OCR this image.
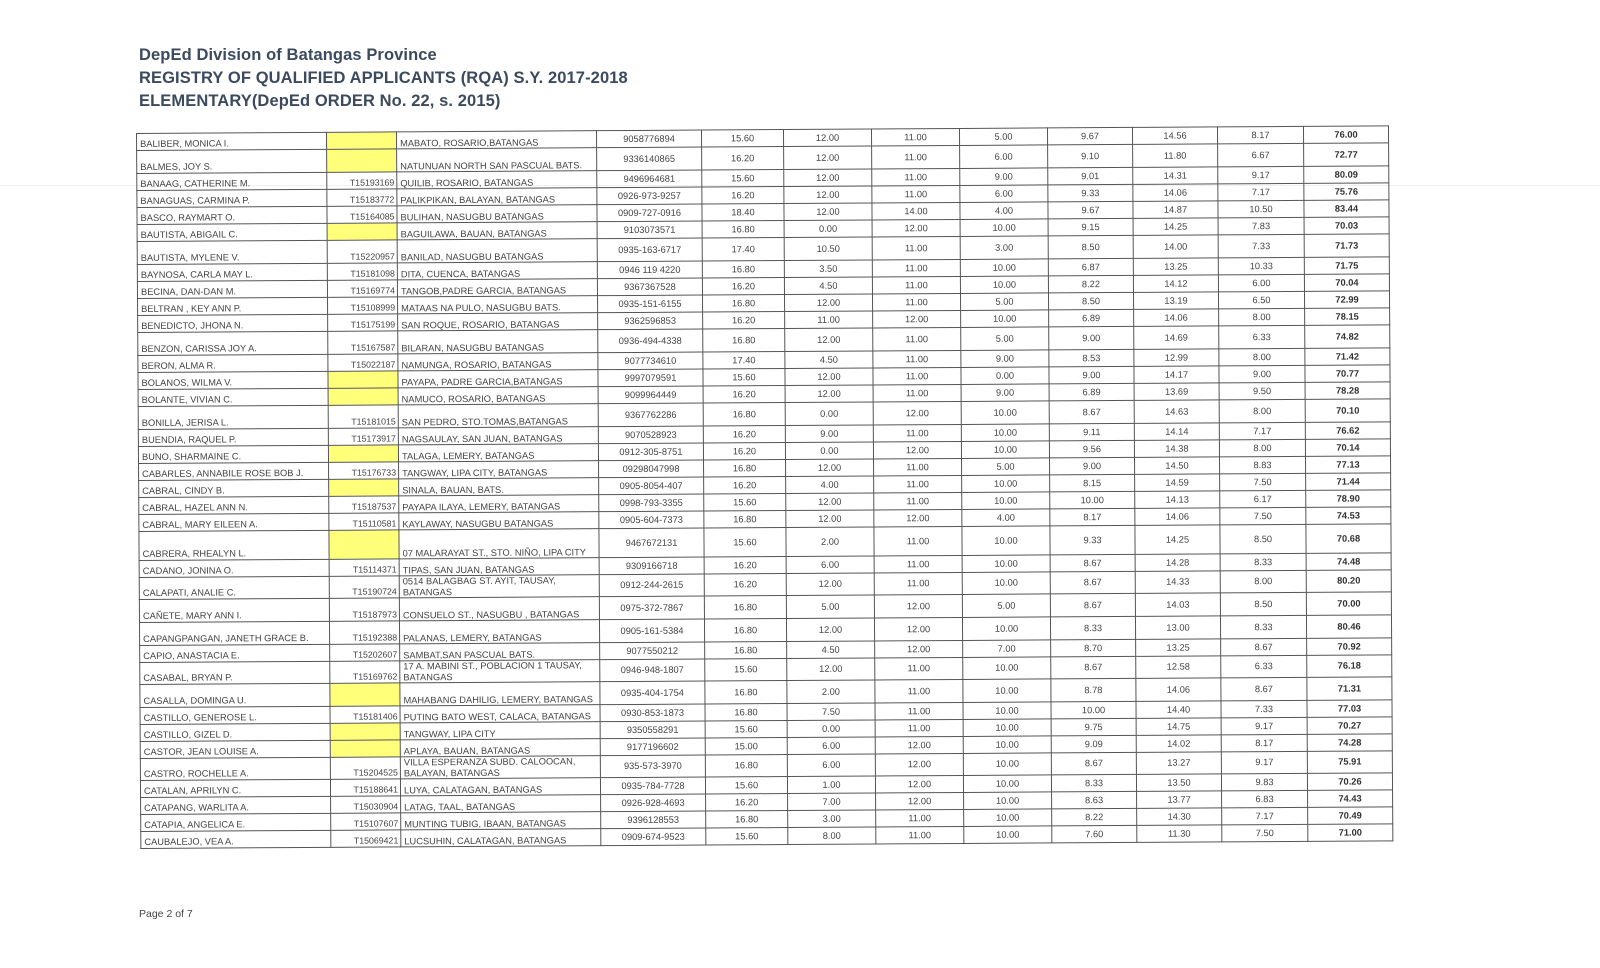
DepEd Division of Batangas Province
REGISTRY OF QUALIFIED APPLICANTS (RQA) S.Y. 2017-2018
ELEMENTARY(DepEd ORDER No. 22, s. 2015)
BALIBER, MONICA I.		MABATO, ROSARIO,BATANGAS	9058776894	15.60	12.00	11.00	5.00	9.67	14.56	8.17	76.00
BALMES, JOY S.		NATUNUAN NORTH SAN PASCUAL BATS.	9336140865	16.20	12.00	11.00	6.00	9.10	11.80	6.67	72.77
BANAAG, CATHERINE M.	T15193169	QUILIB, ROSARIO, BATANGAS	9496964681	15.60	12.00	11.00	9.00	9.01	14.31	9.17	80.09
BANAGUAS, CARMINA P.	T15183772	PALIKPIKAN, BALAYAN, BATANGAS	0926-973-9257	16.20	12.00	11.00	6.00	9.33	14.06	7.17	75.76
BASCO, RAYMART O.	T15164085	BULIHAN, NASUGBU BATANGAS	0909-727-0916	18.40	12.00	14.00	4.00	9.67	14.87	10.50	83.44
BAUTISTA, ABIGAIL C.		BAGUILAWA, BAUAN, BATANGAS	9103073571	16.80	0.00	12.00	10.00	9.15	14.25	7.83	70.03
BAUTISTA, MYLENE V.	T15220957	BANILAD, NASUGBU BATANGAS	0935-163-6717	17.40	10.50	11.00	3.00	8.50	14.00	7.33	71.73
BAYNOSA, CARLA MAY L.	T15181098	DITA, CUENCA, BATANGAS	0946 119 4220	16.80	3.50	11.00	10.00	6.87	13.25	10.33	71.75
BECINA, DAN-DAN M.	T15169774	TANGOB,PADRE GARCIA, BATANGAS	9367367528	16.20	4.50	11.00	10.00	8.22	14.12	6.00	70.04
BELTRAN , KEY ANN P.	T15108999	MATAAS NA PULO, NASUGBU BATS.	0935-151-6155	16.80	12.00	11.00	5.00	8.50	13.19	6.50	72.99
BENEDICTO, JHONA N.	T15175199	SAN ROQUE, ROSARIO, BATANGAS	9362596853	16.20	11.00	12.00	10.00	6.89	14.06	8.00	78.15
BENZON, CARISSA JOY A.	T15167587	BILARAN, NASUGBU BATANGAS	0936-494-4338	16.80	12.00	11.00	5.00	9.00	14.69	6.33	74.82
BERON, ALMA R.	T15022187	NAMUNGA, ROSARIO, BATANGAS	9077734610	17.40	4.50	11.00	9.00	8.53	12.99	8.00	71.42
BOLANOS, WILMA V.		PAYAPA, PADRE GARCIA,BATANGAS	9997079591	15.60	12.00	11.00	0.00	9.00	14.17	9.00	70.77
BOLANTE, VIVIAN C.		NAMUCO, ROSARIO, BATANGAS	9099964449	16.20	12.00	11.00	9.00	6.89	13.69	9.50	78.28
BONILLA, JERISA L.	T15181015	SAN PEDRO, STO.TOMAS,BATANGAS	9367762286	16.80	0.00	12.00	10.00	8.67	14.63	8.00	70.10
BUENDIA, RAQUEL P.	T15173917	NAGSAULAY, SAN JUAN, BATANGAS	9070528923	16.20	9.00	11.00	10.00	9.11	14.14	7.17	76.62
BUNO, SHARMAINE C.		TALAGA, LEMERY, BATANGAS	0912-305-8751	16.20	0.00	12.00	10.00	9.56	14.38	8.00	70.14
CABARLES, ANNABILE ROSE BOB J.	T15176733	TANGWAY, LIPA CITY, BATANGAS	09298047998	16.80	12.00	11.00	5.00	9.00	14.50	8.83	77.13
CABRAL, CINDY B.		SINALA, BAUAN, BATS.	0905-8054-407	16.20	4.00	11.00	10.00	8.15	14.59	7.50	71.44
CABRAL, HAZEL ANN N.	T15187537	PAYAPA ILAYA, LEMERY, BATANGAS	0998-793-3355	15.60	12.00	11.00	10.00	10.00	14.13	6.17	78.90
CABRAL, MARY EILEEN A.	T15110581	KAYLAWAY, NASUGBU BATANGAS	0905-604-7373	16.80	12.00	12.00	4.00	8.17	14.06	7.50	74.53
CABRERA, RHEALYN L.		07 MALARAYAT ST., STO. NIÑO, LIPA CITY	9467672131	15.60	2.00	11.00	10.00	9.33	14.25	8.50	70.68
CADANO, JONINA O.	T15114371	TIPAS, SAN JUAN, BATANGAS	9309166718	16.20	6.00	11.00	10.00	8.67	14.28	8.33	74.48
CALAPATI, ANALIE C.	T15190724	0514 BALAGBAG ST. AYIT, TAUSAY, BATANGAS	0912-244-2615	16.20	12.00	11.00	10.00	8.67	14.33	8.00	80.20
CAÑETE, MARY ANN I.	T15187973	CONSUELO ST., NASUGBU , BATANGAS	0975-372-7867	16.80	5.00	12.00	5.00	8.67	14.03	8.50	70.00
CAPANGPANGAN, JANETH GRACE B.	T15192388	PALANAS, LEMERY, BATANGAS	0905-161-5384	16.80	12.00	12.00	10.00	8.33	13.00	8.33	80.46
CAPIO, ANASTACIA E.	T15202607	SAMBAT,SAN PASCUAL BATS.	9077550212	16.80	4.50	12.00	7.00	8.70	13.25	8.67	70.92
CASABAL, BRYAN P.	T15169762	17 A. MABINI ST., POBLACION 1 TAUSAY, BATANGAS	0946-948-1807	15.60	12.00	11.00	10.00	8.67	12.58	6.33	76.18
CASALLA, DOMINGA U.		MAHABANG DAHILIG, LEMERY, BATANGAS	0935-404-1754	16.80	2.00	11.00	10.00	8.78	14.06	8.67	71.31
CASTILLO, GENEROSE L.	T15181406	PUTING BATO WEST, CALACA, BATANGAS	0930-853-1873	16.80	7.50	11.00	10.00	10.00	14.40	7.33	77.03
CASTILLO, GIZEL D.		TANGWAY, LIPA CITY	9350558291	15.60	0.00	11.00	10.00	9.75	14.75	9.17	70.27
CASTOR, JEAN LOUISE A.		APLAYA, BAUAN, BATANGAS	9177196602	15.00	6.00	12.00	10.00	9.09	14.02	8.17	74.28
CASTRO, ROCHELLE A.	T15204525	VILLA ESPERANZA SUBD. CALOOCAN, BALAYAN, BATANGAS	935-573-3970	16.80	6.00	12.00	10.00	8.67	13.27	9.17	75.91
CATALAN, APRILYN C.	T15188641	LUYA, CALATAGAN, BATANGAS	0935-784-7728	15.60	1.00	12.00	10.00	8.33	13.50	9.83	70.26
CATAPANG, WARLITA A.	T15030904	LATAG, TAAL, BATANGAS	0926-928-4693	16.20	7.00	12.00	10.00	8.63	13.77	6.83	74.43
CATAPIA, ANGELICA E.	T15107607	MUNTING TUBIG, IBAAN, BATANGAS	9396128553	16.80	3.00	11.00	10.00	8.22	14.30	7.17	70.49
CAUBALEJO, VEA A.	T15069421	LUCSUHIN, CALATAGAN, BATANGAS	0909-674-9523	15.60	8.00	11.00	10.00	7.60	11.30	7.50	71.00
Page 2 of 7
